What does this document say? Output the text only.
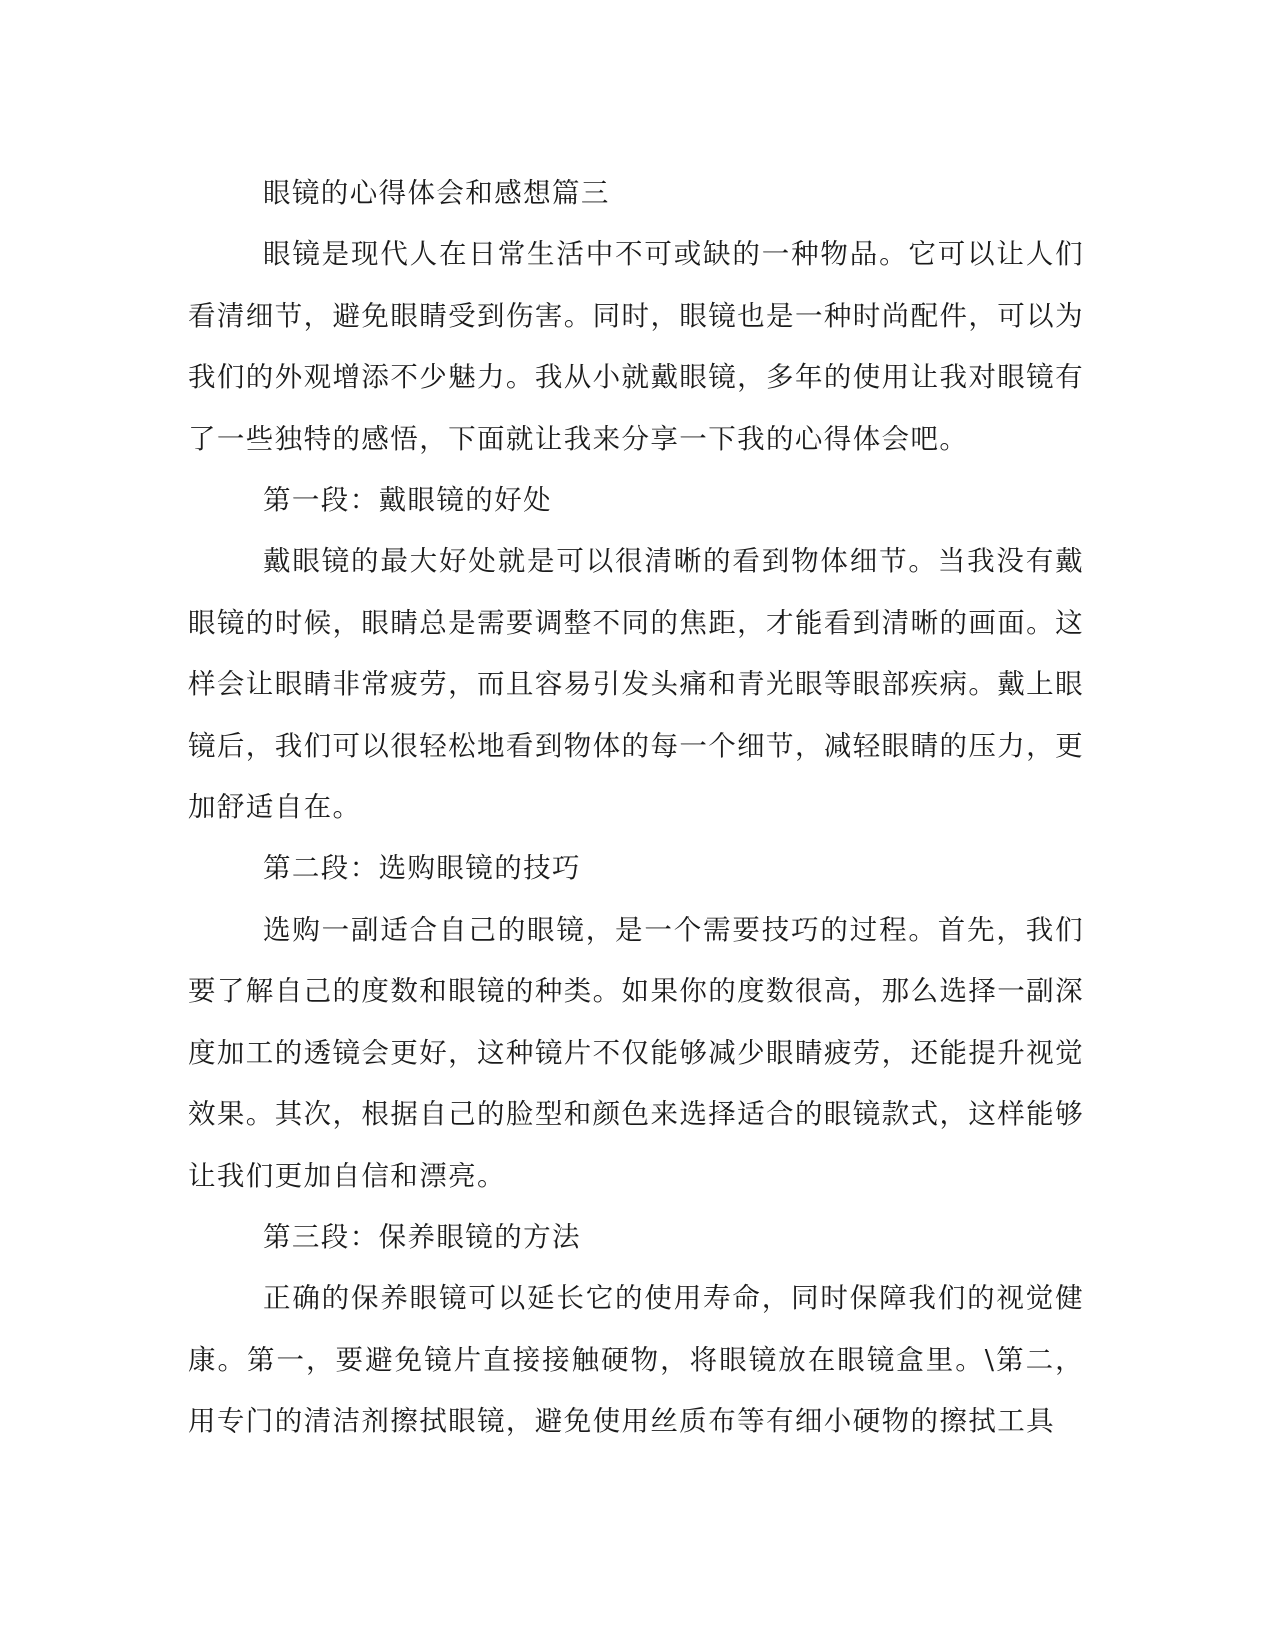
眼镜的心得体会和感想篇三

眼镜是现代人在日常生活中不可或缺的一种物品。它可以让人们看清细节，避免眼睛受到伤害。同时，眼镜也是一种时尚配件，可以为我们的外观增添不少魅力。我从小就戴眼镜，多年的使用让我对眼镜有了一些独特的感悟，下面就让我来分享一下我的心得体会吧。

第一段：戴眼镜的好处

戴眼镜的最大好处就是可以很清晰的看到物体细节。当我没有戴眼镜的时候，眼睛总是需要调整不同的焦距，才能看到清晰的画面。这样会让眼睛非常疲劳，而且容易引发头痛和青光眼等眼部疾病。戴上眼镜后，我们可以很轻松地看到物体的每一个细节，减轻眼睛的压力，更加舒适自在。

第二段：选购眼镜的技巧

选购一副适合自己的眼镜，是一个需要技巧的过程。首先，我们要了解自己的度数和眼镜的种类。如果你的度数很高，那么选择一副深度加工的透镜会更好，这种镜片不仅能够减少眼睛疲劳，还能提升视觉效果。其次，根据自己的脸型和颜色来选择适合的眼镜款式，这样能够让我们更加自信和漂亮。

第三段：保养眼镜的方法

正确的保养眼镜可以延长它的使用寿命，同时保障我们的视觉健康。第一，要避免镜片直接接触硬物，将眼镜放在眼镜盒里。\第二，用专门的清洁剂擦拭眼镜，避免使用丝质布等有细小硬物的擦拭工具
